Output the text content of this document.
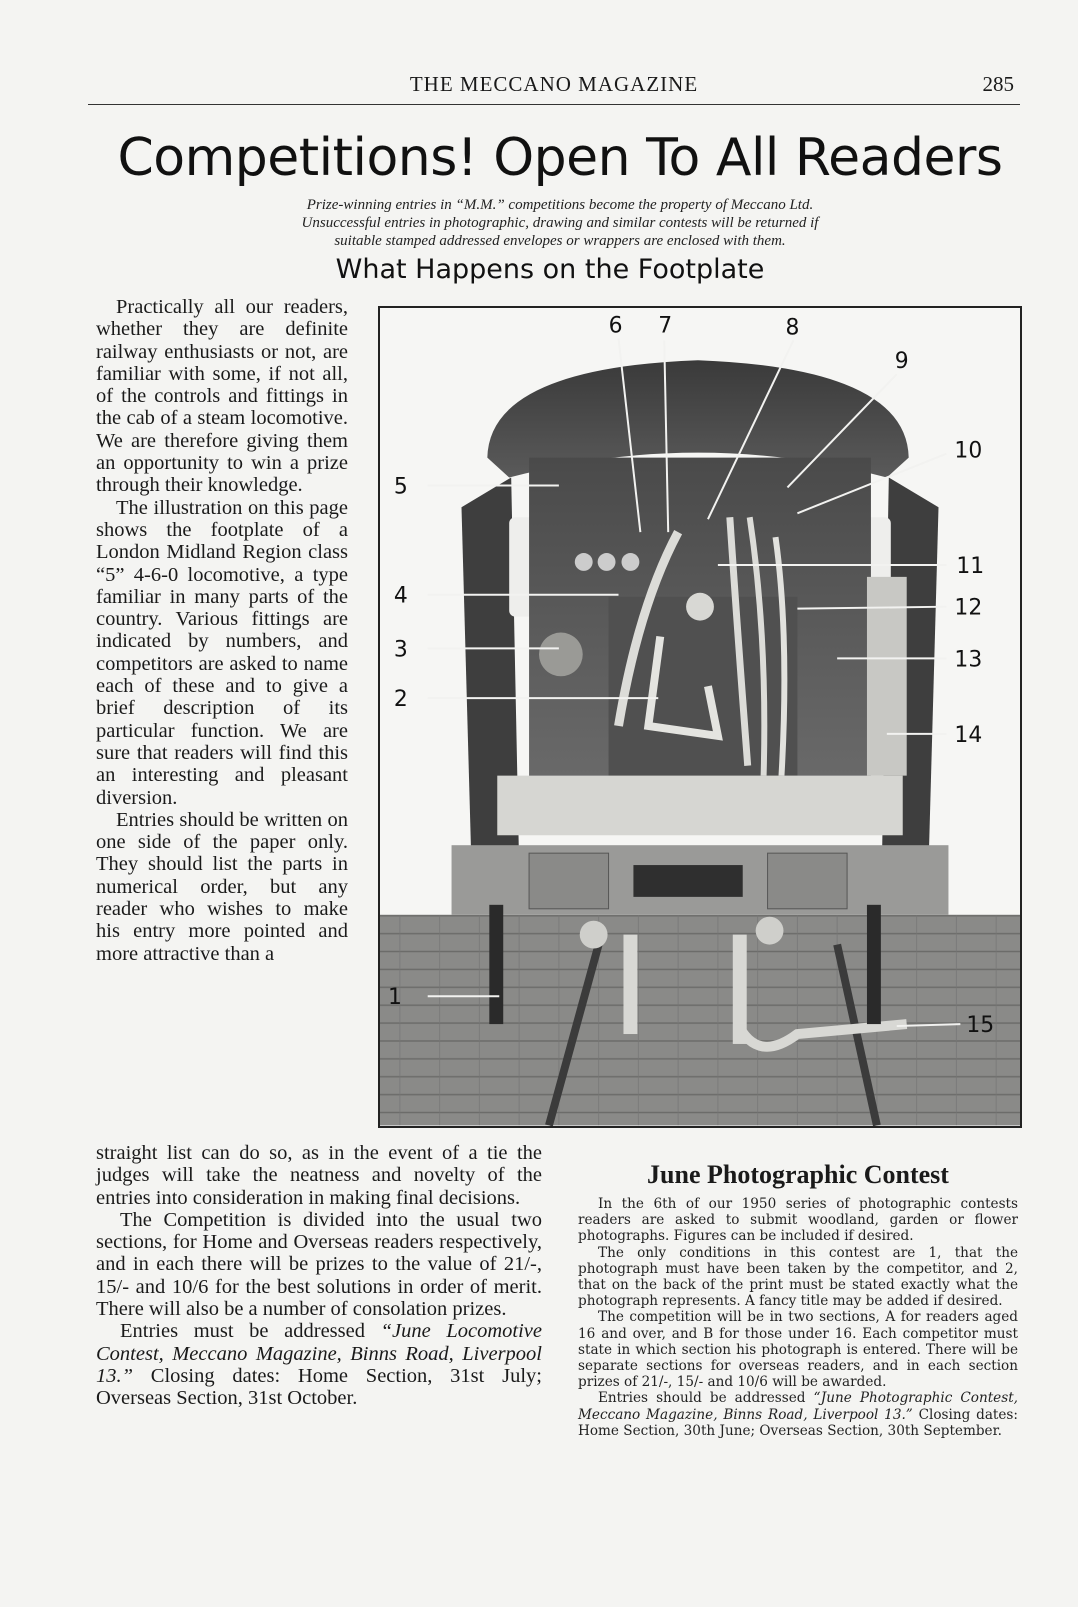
THE MECCANO MAGAZINE	285
Competitions! Open To All Readers

Prize-winning entries in “M.M.” competitions become the property of Meccano Ltd.

Unsuccessful entries in photographic, drawing and similar contests will be returned if

suitable stamped addressed envelopes or wrappers are enclosed with them.

What Happens on the Footplate

Practically all our readers, whether they are definite railway enthusiasts or not, are familiar with some, if not all, of the controls and fittings in the cab of a steam locomotive. We are therefore giving them an opportunity to win a prize through their knowledge.

The illustration on this page shows the footplate of a London Midland Region class “5” 4-6-0 locomotive, a type familiar in many parts of the country. Various fittings are indicated by numbers, and competitors are asked to name each of these and to give a brief description of its particular function. We are sure that readers will find this an interesting and pleasant diversion.

Entries should be written on one side of the paper only. They should list the parts in numerical order, but any reader who wishes to make his entry more pointed and more attractive than a

1
2
3
4
5
6 7	8
9
10
11
12
13
14
15

straight list can do so, as in the event of a tie the judges will take the neatness and novelty of the entries into consideration in making final decisions.

The Competition is divided into the usual two sections, for Home and Overseas readers respectively, and in each there will be prizes to the value of 21/-, 15/- and 10/6 for the best solutions in order of merit. There will also be a number of consolation prizes.

Entries must be addressed “June Locomotive Contest, Meccano Magazine, Binns Road, Liverpool 13.” Closing dates: Home Section, 31st July; Overseas Section, 31st October.

June Photographic Contest

In the 6th of our 1950 series of photographic contests readers are asked to submit woodland, garden or flower photographs. Figures can be included if desired.

The only conditions in this contest are 1, that the photograph must have been taken by the competitor, and 2, that on the back of the print must be stated exactly what the photograph represents. A fancy title may be added if desired.

The competition will be in two sections, A for readers aged 16 and over, and B for those under 16. Each competitor must state in which section his photograph is entered. There will be separate sections for overseas readers, and in each section prizes of 21/-, 15/- and 10/6 will be awarded.

Entries should be addressed “June Photographic Contest, Meccano Magazine, Binns Road, Liverpool 13.” Closing dates: Home Section, 30th June; Overseas Section, 30th September.
